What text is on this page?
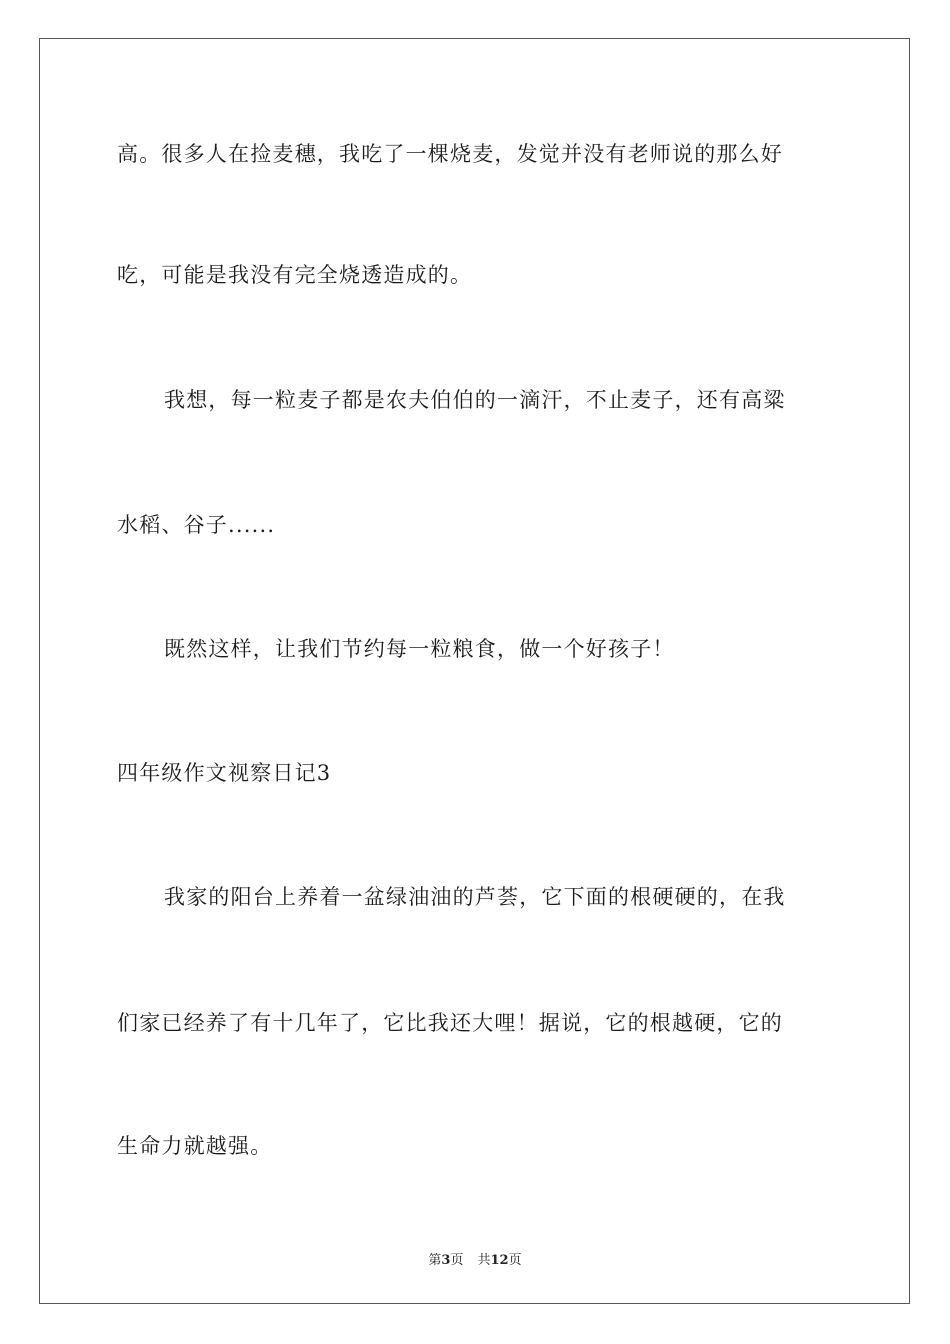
高。很多人在捡麦穗，我吃了一棵烧麦，发觉并没有老师说的那么好
吃，可能是我没有完全烧透造成的。
我想，每一粒麦子都是农夫伯伯的一滴汗，不止麦子，还有高粱
水稻、谷子......
既然这样，让我们节约每一粒粮食，做一个好孩子！
四年级作文视察日记3
我家的阳台上养着一盆绿油油的芦荟，它下面的根硬硬的，在我
们家已经养了有十几年了，它比我还大哩！据说，它的根越硬，它的
生命力就越强。
第3页 共12页
